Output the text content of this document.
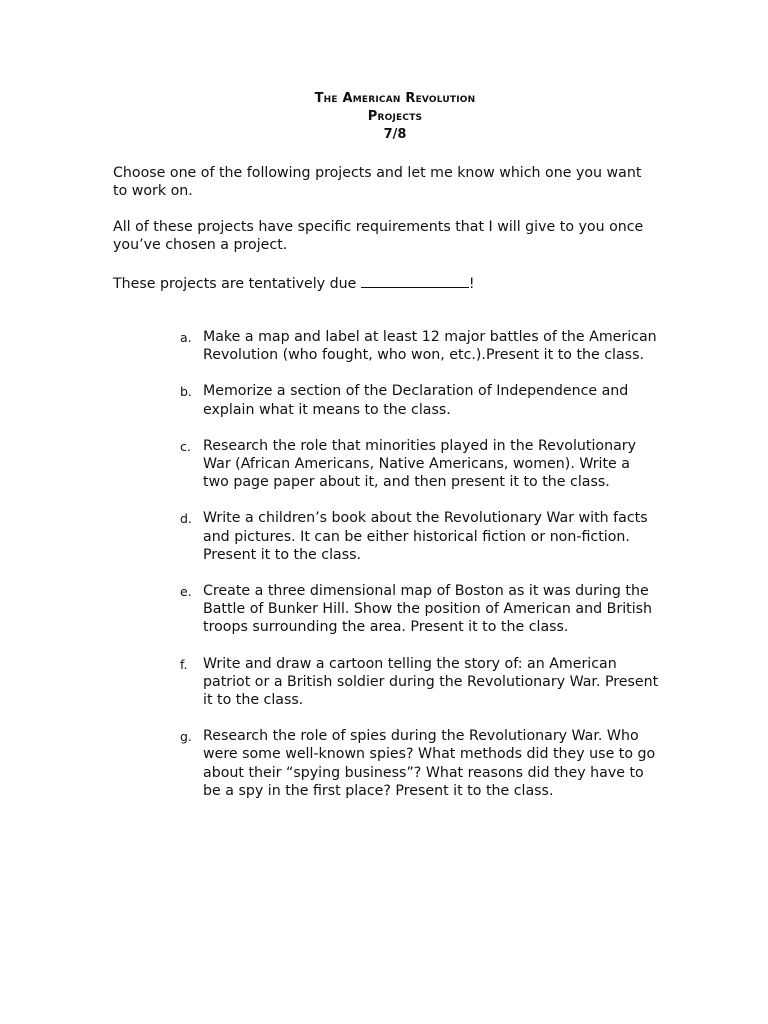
The American Revolution
Projects
7/8

Choose one of the following projects and let me know which one you want to work on.

All of these projects have specific requirements that I will give to you once you’ve chosen a project.

These projects are tentatively due	!

a. Make a map and label at least 12 major battles of the American Revolution (who fought, who won, etc.).Present it to the class.
b. Memorize a section of the Declaration of Independence and explain what it means to the class.
c. Research the role that minorities played in the Revolutionary War (African Americans, Native Americans, women). Write a two page paper about it, and then present it to the class.
d. Write a children’s book about the Revolutionary War with facts and pictures. It can be either historical fiction or non-fiction. Present it to the class.
e. Create a three dimensional map of Boston as it was during the Battle of Bunker Hill. Show the position of American and British troops surrounding the area. Present it to the class.
f. Write and draw a cartoon telling the story of: an American patriot or a British soldier during the Revolutionary War. Present it to the class.
g. Research the role of spies during the Revolutionary War. Who were some well-known spies? What methods did they use to go about their “spying business”? What reasons did they have to be a spy in the first place? Present it to the class.
